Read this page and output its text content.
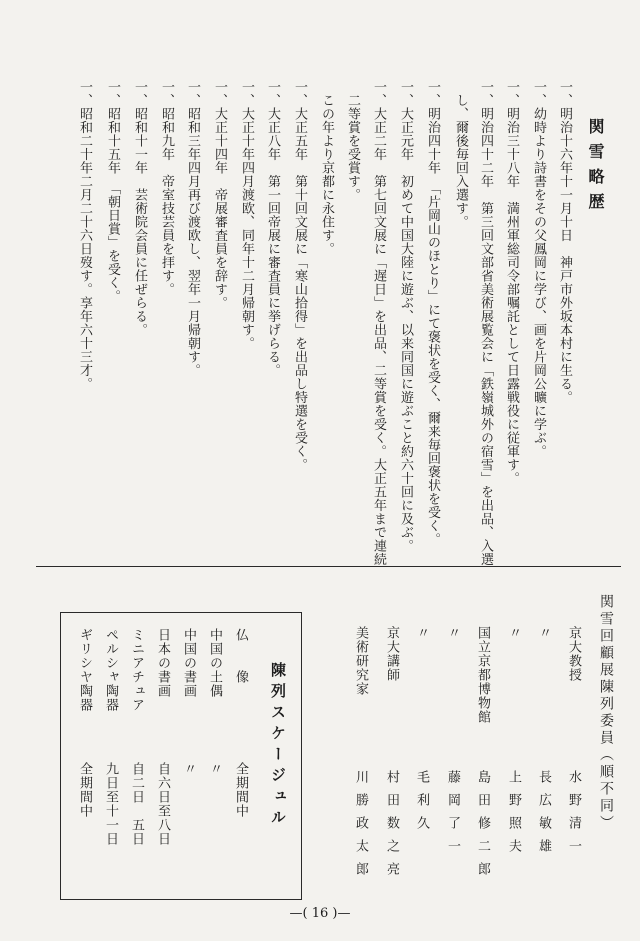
関雪略歴
一、明治十六年十一月十日　神戸市外坂本村に生る。
一、幼時より詩書をその父鳳岡に学び、画を片岡公曠に学ぶ。
一、明治三十八年　満州軍総司令部嘱託として日露戦役に従軍す。
一、明治四十二年　第三回文部省美術展覧会に「鉄嶺城外の宿雪」を出品、入選
　し、爾後毎回入選す。
一、明治四十年　「片岡山のほとり」にて褒状を受く、爾来毎回褒状を受く。
一、大正元年　初めて中国大陸に遊ぶ、以来同国に遊ぶこと約六十回に及ぶ。
一、大正二年　第七回文展に「遅日」を出品、二等賞を受く。大正五年まで連続
　二等賞を受賞す。
　この年より京都に永住す。
一、大正五年　第十回文展に「寒山拾得」を出品し特選を受く。
一、大正八年　第一回帝展に審査員に挙げらる。
一、大正十年四月渡欧、同年十二月帰朝す。
一、大正十四年　帝展審査員を辞す。
一、昭和三年四月再び渡欧し、翌年一月帰朝す。
一、昭和九年　帝室技芸員を拝す。
一、昭和十一年　芸術院会員に任ぜらる。
一、昭和十五年　「朝日賞」を受く。
一、昭和二十年二月二十六日歿す。享年六十三才。
関雪回顧展陳列委員（順不同）
京大教授
水野清一
〃
長広敏雄
〃
上野照夫
国立京都博物館
島田修二郎
〃
藤岡了一
〃
毛利久
京大講師
村田数之亮
美術研究家
川勝政太郎
陳列スケージュル
仏　　像
全期間中
中国の土偶
〃
中国の書画
〃
日本の書画
自六日至八日
ミニアチュア
自二日　五日
ペルシャ陶器
九日至十一日
ギリシヤ陶器
全期間中
—( 16 )—
